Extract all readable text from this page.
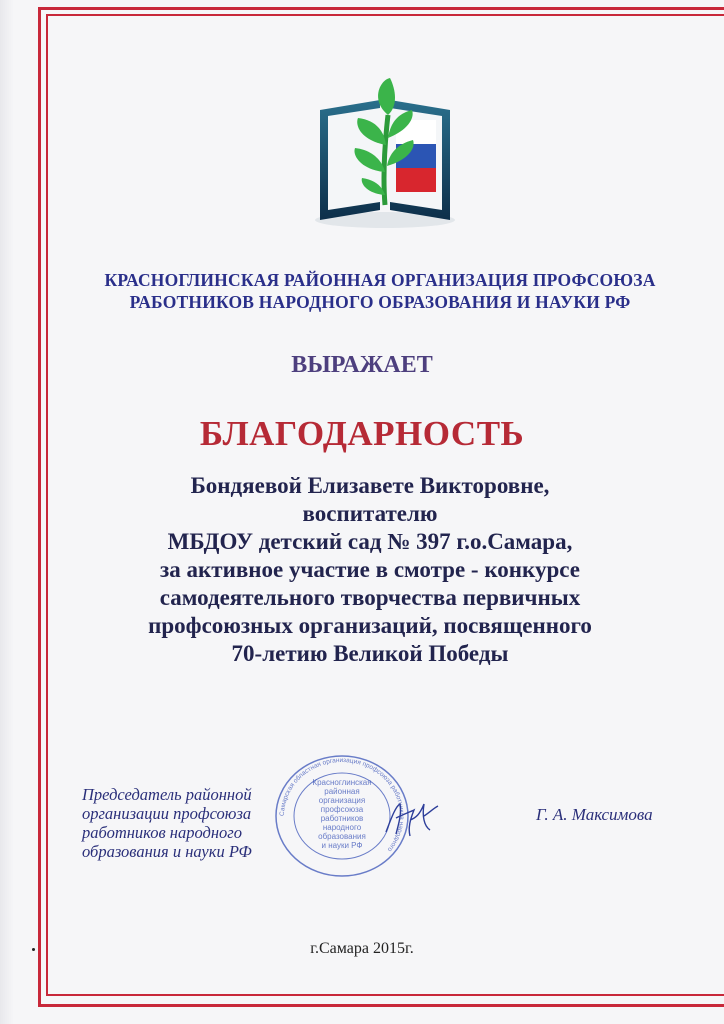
КРАСНОГЛИНСКАЯ РАЙОННАЯ ОРГАНИЗАЦИЯ ПРОФСОЮЗА
РАБОТНИКОВ НАРОДНОГО ОБРАЗОВАНИЯ И НАУКИ РФ
ВЫРАЖАЕТ
БЛАГОДАРНОСТЬ
Бондяевой Елизавете Викторовне,
воспитателю
МБДОУ детский сад № 397 г.о.Самара,
за активное участие в смотре - конкурсе
самодеятельного творчества первичных
профсоюзных организаций, посвященного
70-летию Великой Победы
Председатель районной
организации профсоюза
работников народного
образования и науки РФ
Красноглинская
районная
организация
профсоюза
работников
народного
образования
и науки РФ
Самарская областная организация профсоюза работников народного
Г. А. Максимова
г.Самара 2015г.
